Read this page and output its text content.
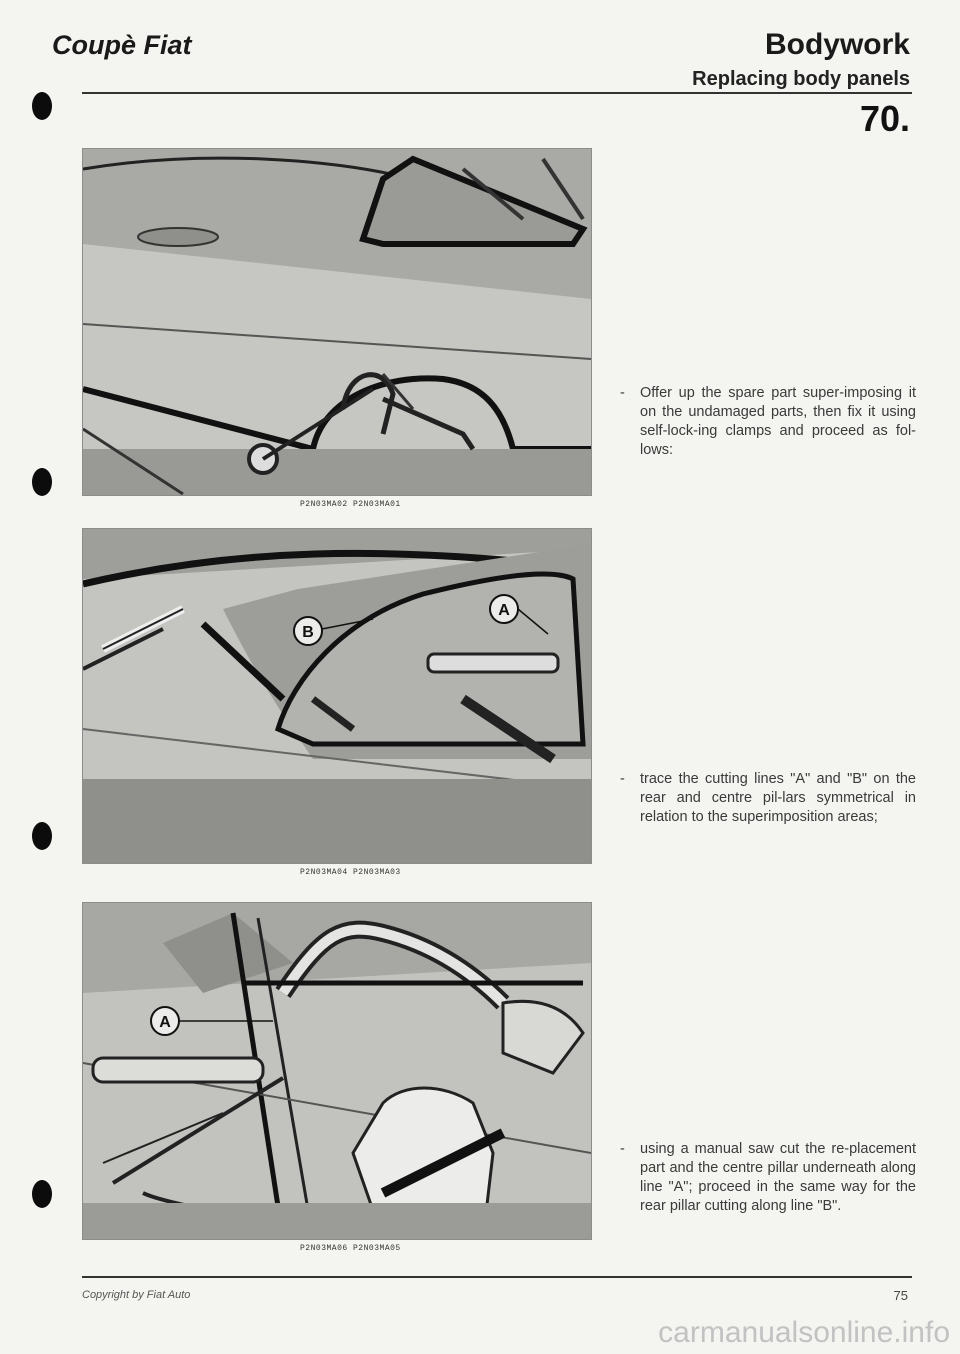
Coupè Fiat	Bodywork
Replacing body panels
70.
P2N03MA02 P2N03MA01
B
A
P2N03MA04 P2N03MA03
A
P2N03MA06 P2N03MA05
-	Offer up the spare part super-imposing it on the undamaged parts, then fix it using self-lock-ing clamps and proceed as fol-lows:
-	trace the cutting lines "A" and "B" on the rear and centre pil-lars symmetrical in relation to the superimposition areas;
-	using a manual saw cut the re-placement part and the centre pillar underneath along line "A"; proceed in the same way for the rear pillar cutting along line "B".
Copyright by Fiat Auto	75
carmanualsonline.info
